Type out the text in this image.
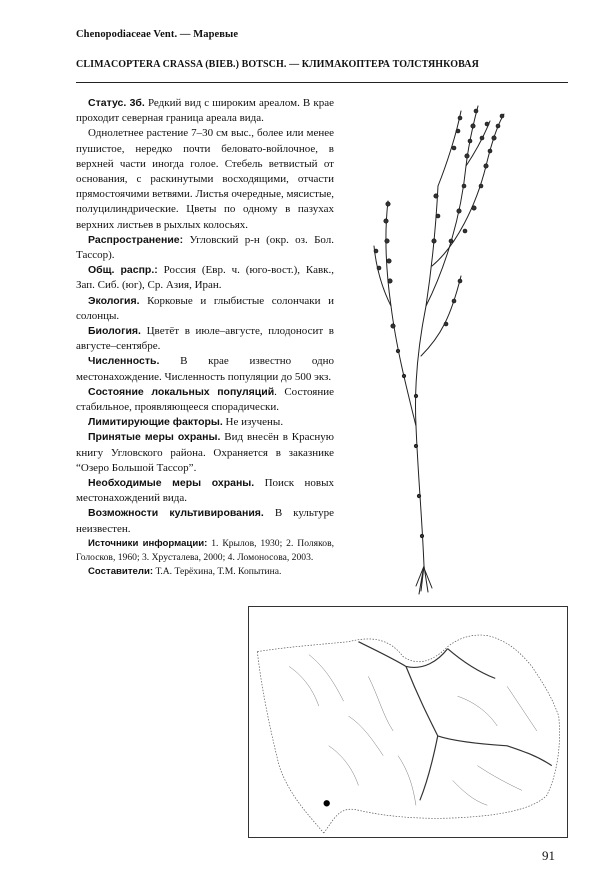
Chenopodiaceae Vent. — Маревые
CLIMACOPTERA CRASSA (BIEB.) BOTSCH. — КЛИМАКОПТЕРА ТОЛСТЯНКОВАЯ

Статус. 3б. Редкий вид с широким ареалом. В крае проходит северная граница ареала вида.

Однолетнее растение 7–30 см выс., более или менее пушистое, нередко почти беловато-войлочное, в верхней части иногда голое. Стебель ветвистый от основания, с раскинутыми восходящими, отчасти прямостоячими ветвями. Листья очередные, мясистые, полуцилиндрические. Цветы по одному в пазухах верхних листьев в рыхлых колосьях.

Распространение: Угловский р-н (окр. оз. Бол. Тассор).

Общ. распр.: Россия (Евр. ч. (юго-вост.), Кавк., Зап. Сиб. (юг), Ср. Азия, Иран.

Экология. Корковые и глыбистые солончаки и солонцы.

Биология. Цветёт в июле–августе, плодоносит в августе–сентябре.

Численность. В крае известно одно местонахождение. Численность популяции до 500 экз.

Состояние локальных популяций. Состояние стабильное, проявляющееся спорадически.

Лимитирующие факторы. Не изучены.

Принятые меры охраны. Вид внесён в Красную книгу Угловского района. Охраняется в заказнике “Озеро Большой Тассор”.

Необходимые меры охраны. Поиск новых местонахождений вида.

Возможности культивирования. В культуре неизвестен.

Источники информации: 1. Крылов, 1930; 2. Поляков, Голосков, 1960; 3. Хрусталева, 2000; 4. Ломоносова, 2003.

Составители: Т.А. Терёхина, Т.М. Копытина.

91
